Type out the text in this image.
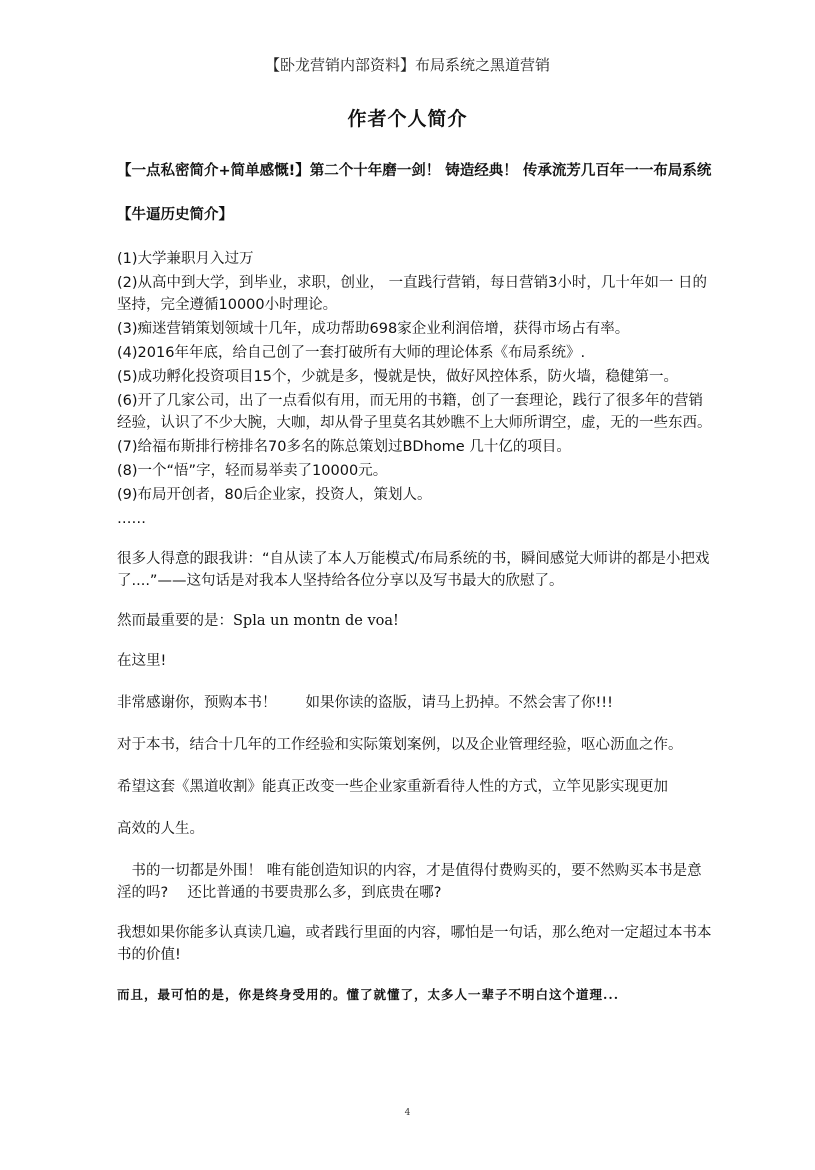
【卧龙营销内部资料】布局系统之黑道营销
作者个人简介

【一点私密简介+简单感慨!】第二个十年磨一剑！ 铸造经典！ 传承流芳几百年一一布局系统

【牛逼历史简介】

(1)大学兼职月入过万
(2)从高中到大学，到毕业，求职，创业， 一直践行营销，每日营销3小时，几十年如一 日的坚持，完全遵循10000小时理论。
(3)痴迷营销策划领域十几年，成功帮助698家企业利润倍增，获得市场占有率。
(4)2016年年底，给自己创了一套打破所有大师的理论体系《布局系统》.
(5)成功孵化投资项目15个，少就是多，慢就是快，做好风控体系，防火墙，稳健第一。
(6)开了几家公司，出了一点看似有用，而无用的书籍，创了一套理论，践行了很多年的营销经验，认识了不少大腕，大咖，却从骨子里莫名其妙瞧不上大师所谓空，虚，无的一些东西。
(7)给福布斯排行榜排名70多名的陈总策划过BDhome 几十亿的项目。
(8)一个“悟”字，轻而易举卖了10000元。
(9)布局开创者，80后企业家，投资人，策划人。

……

很多人得意的跟我讲：“自从读了本人万能模式/布局系统的书，瞬间感觉大师讲的都是小把戏了....”——这句话是对我本人坚持给各位分享以及写书最大的欣慰了。

然而最重要的是：Spla un montn de voa!

在这里!

非常感谢你，预购本书！　　如果你读的盗版，请马上扔掉。不然会害了你!!!

对于本书，结合十几年的工作经验和实际策划案例，以及企业管理经验，呕心沥血之作。

希望这套《黑道收割》能真正改变一些企业家重新看待人性的方式，立竿见影实现更加

高效的人生。

　书的一切都是外围！ 唯有能创造知识的内容，才是值得付费购买的，要不然购买本书是意淫的吗?　 还比普通的书要贵那么多，到底贵在哪?

我想如果你能多认真读几遍，或者践行里面的内容，哪怕是一句话，那么绝对一定超过本书本书的价值!

而且，最可怕的是，你是终身受用的。懂了就懂了，太多人一辈子不明白这个道理...

4
